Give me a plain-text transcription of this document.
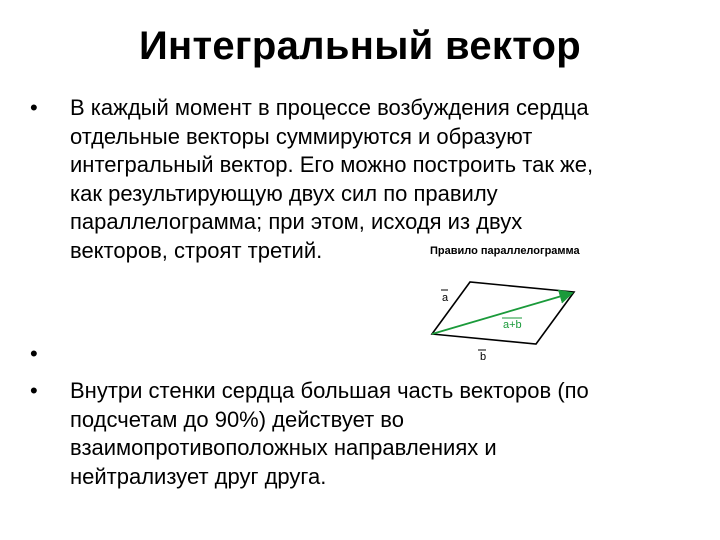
Интегральный вектор
•	В каждый момент в процессе возбуждения сердца
отдельные векторы суммируются и образуют
интегральный вектор. Его можно построить так же,
как результирующую двух сил по правилу
параллелограмма; при этом, исходя из двух
векторов, строят третий.
•
•	Внутри стенки сердца большая часть векторов (по
подсчетам до 90%) действует во
взаимопротивоположных направлениях и
нейтрализует друг друга.
a
a+b
b
Правило параллелограмма
